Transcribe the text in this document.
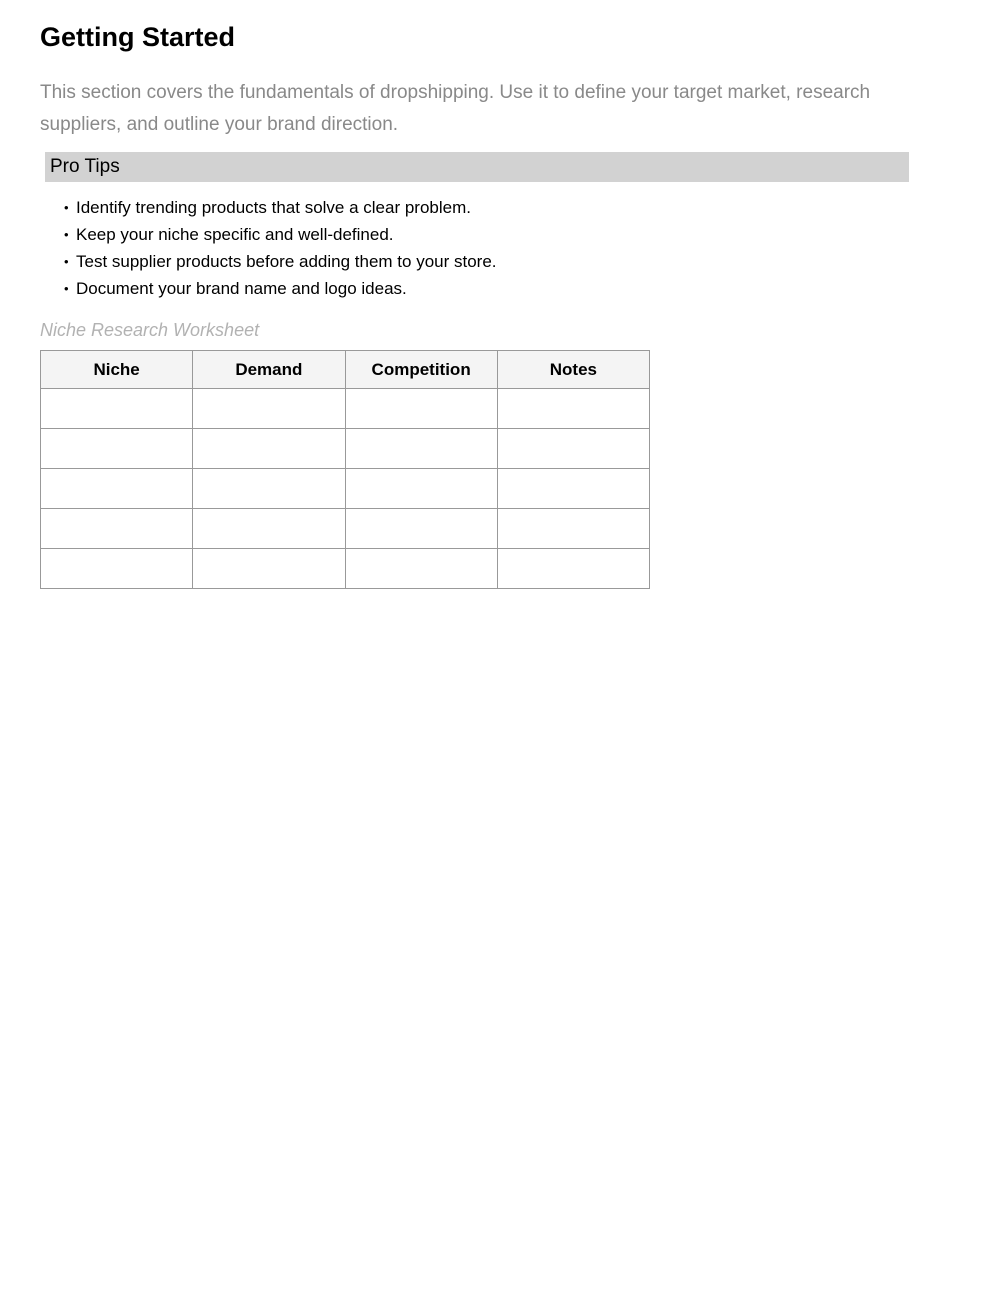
Getting Started

This section covers the fundamentals of dropshipping. Use it to define your target market, research suppliers, and outline your brand direction.

Pro Tips
• Identify trending products that solve a clear problem.
• Keep your niche specific and well-defined.
• Test supplier products before adding them to your store.
• Document your brand name and logo ideas.

Niche Research Worksheet

Niche	Demand	Competition	Notes
